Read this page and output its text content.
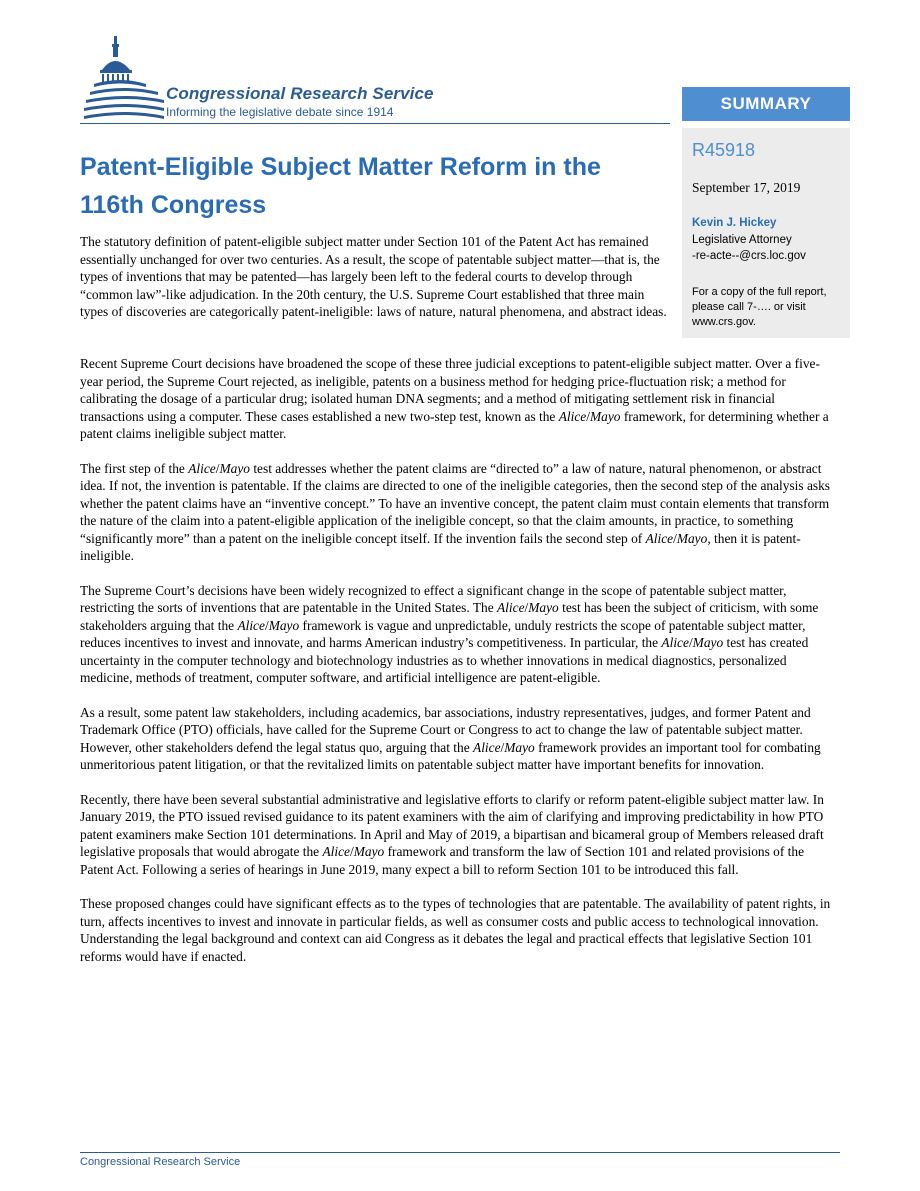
Congressional Research Service
Informing the legislative debate since 1914	SUMMARY
R45918
September 17, 2019
Kevin J. Hickey
Legislative Attorney
-re-acte--@crs.loc.gov
For a copy of the full report, please call 7-…. or visit www.crs.gov.
Patent-Eligible Subject Matter Reform in the 116th Congress

The statutory definition of patent-eligible subject matter under Section 101 of the Patent Act has remained essentially unchanged for over two centuries. As a result, the scope of patentable subject matter—that is, the types of inventions that may be patented—has largely been left to the federal courts to develop through “common law”-like adjudication. In the 20th century, the U.S. Supreme Court established that three main types of discoveries are categorically patent-ineligible: laws of nature, natural phenomena, and abstract ideas.

Recent Supreme Court decisions have broadened the scope of these three judicial exceptions to patent-eligible subject matter. Over a five-year period, the Supreme Court rejected, as ineligible, patents on a business method for hedging price-fluctuation risk; a method for calibrating the dosage of a particular drug; isolated human DNA segments; and a method of mitigating settlement risk in financial transactions using a computer. These cases established a new two-step test, known as the Alice/Mayo framework, for determining whether a patent claims ineligible subject matter.

The first step of the Alice/Mayo test addresses whether the patent claims are “directed to” a law of nature, natural phenomenon, or abstract idea. If not, the invention is patentable. If the claims are directed to one of the ineligible categories, then the second step of the analysis asks whether the patent claims have an “inventive concept.” To have an inventive concept, the patent claim must contain elements that transform the nature of the claim into a patent-eligible application of the ineligible concept, so that the claim amounts, in practice, to something “significantly more” than a patent on the ineligible concept itself. If the invention fails the second step of Alice/Mayo, then it is patent-ineligible.

The Supreme Court’s decisions have been widely recognized to effect a significant change in the scope of patentable subject matter, restricting the sorts of inventions that are patentable in the United States. The Alice/Mayo test has been the subject of criticism, with some stakeholders arguing that the Alice/Mayo framework is vague and unpredictable, unduly restricts the scope of patentable subject matter, reduces incentives to invest and innovate, and harms American industry’s competitiveness. In particular, the Alice/Mayo test has created uncertainty in the computer technology and biotechnology industries as to whether innovations in medical diagnostics, personalized medicine, methods of treatment, computer software, and artificial intelligence are patent-eligible.

As a result, some patent law stakeholders, including academics, bar associations, industry representatives, judges, and former Patent and Trademark Office (PTO) officials, have called for the Supreme Court or Congress to act to change the law of patentable subject matter. However, other stakeholders defend the legal status quo, arguing that the Alice/Mayo framework provides an important tool for combating unmeritorious patent litigation, or that the revitalized limits on patentable subject matter have important benefits for innovation.

Recently, there have been several substantial administrative and legislative efforts to clarify or reform patent-eligible subject matter law. In January 2019, the PTO issued revised guidance to its patent examiners with the aim of clarifying and improving predictability in how PTO patent examiners make Section 101 determinations. In April and May of 2019, a bipartisan and bicameral group of Members released draft legislative proposals that would abrogate the Alice/Mayo framework and transform the law of Section 101 and related provisions of the Patent Act. Following a series of hearings in June 2019, many expect a bill to reform Section 101 to be introduced this fall.

These proposed changes could have significant effects as to the types of technologies that are patentable. The availability of patent rights, in turn, affects incentives to invest and innovate in particular fields, as well as consumer costs and public access to technological innovation. Understanding the legal background and context can aid Congress as it debates the legal and practical effects that legislative Section 101 reforms would have if enacted.

Congressional Research Service
